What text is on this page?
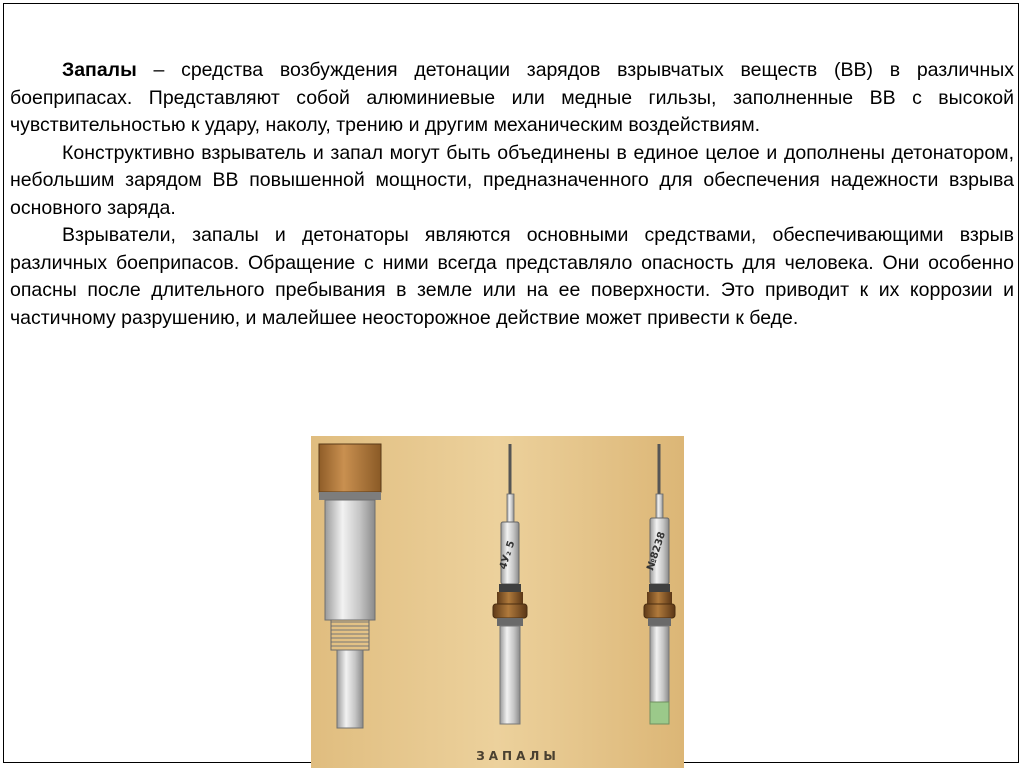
Запалы – средства возбуждения детонации зарядов взрывчатых веществ (ВВ) в различных боеприпасах. Представляют собой алюминиевые или медные гильзы, заполненные ВВ с высокой чувствительностью к удару, наколу, трению и другим механическим воздействиям.

Конструктивно взрыватель и запал могут быть объединены в единое целое и дополнены детонатором, небольшим зарядом ВВ повышенной мощности, предназначенного для обеспечения надежности взрыва основного заряда.

Взрыватели, запалы и детонаторы являются основными средствами, обеспечивающими взрыв различных боеприпасов. Обращение с ними всегда представляло опасность для человека. Они особенно опасны после длительного пребывания в земле или на ее поверхности. Это приводит к их коррозии и частичному разрушению, и малейшее неосторожное действие может привести к беде.

4У₂ 5	№8238
ЗАПАЛЫ
